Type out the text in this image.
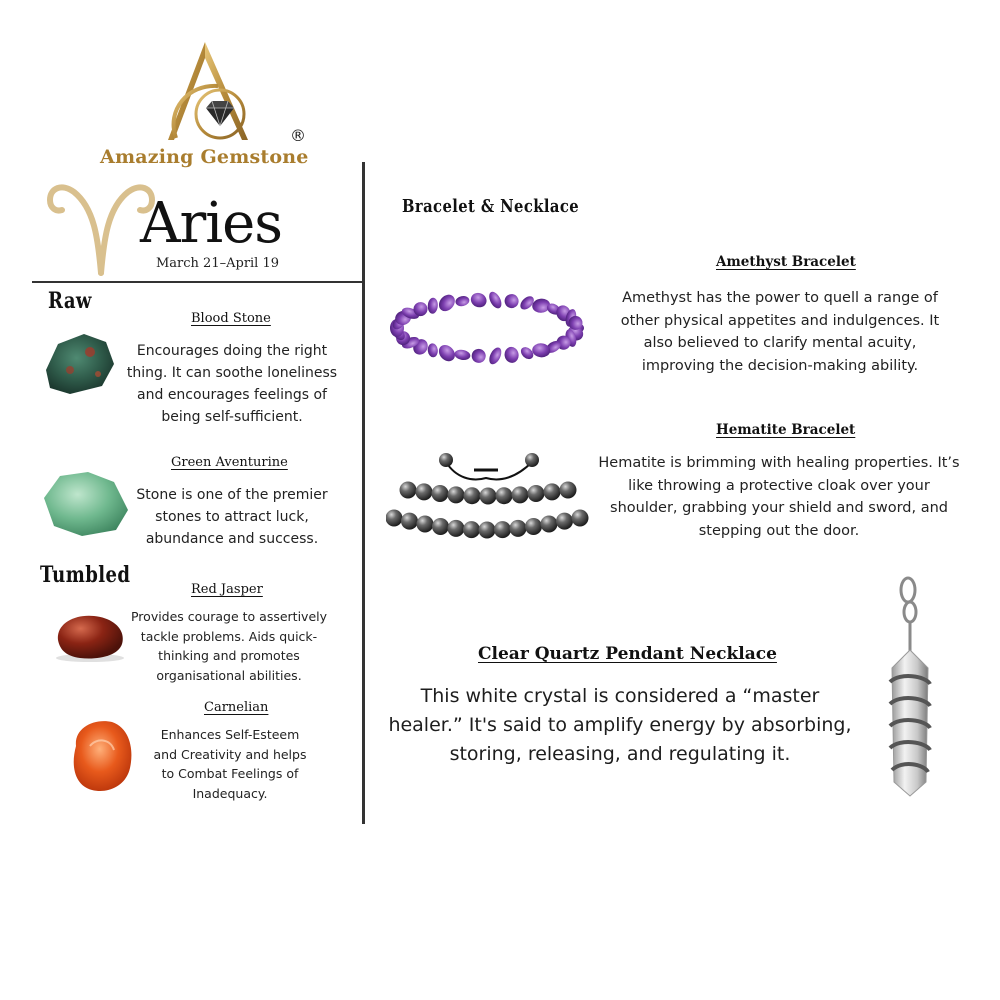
Amazing Gemstone
®
Aries
March 21–April 19
Raw
Blood Stone
Encourages doing the right
thing. It can soothe loneliness
and encourages feelings of
being self-sufficient.
Green Aventurine
Stone is one of the premier
stones to attract luck,
abundance and success.
Tumbled
Red Jasper
Provides courage to assertively
tackle problems. Aids quick-
thinking and promotes
organisational abilities.
Carnelian
Enhances Self-Esteem
and Creativity and helps
to Combat Feelings of
Inadequacy.
Bracelet & Necklace
Amethyst Bracelet
Amethyst has the power to quell a range of
other physical appetites and indulgences. It
also believed to clarify mental acuity,
improving the decision-making ability.
Hematite Bracelet
Hematite is brimming with healing properties. It’s
like throwing a protective cloak over your
shoulder, grabbing your shield and sword, and
stepping out the door.
Clear Quartz Pendant Necklace
This white crystal is considered a “master
healer.” It's said to amplify energy by absorbing,
storing, releasing, and regulating it.
